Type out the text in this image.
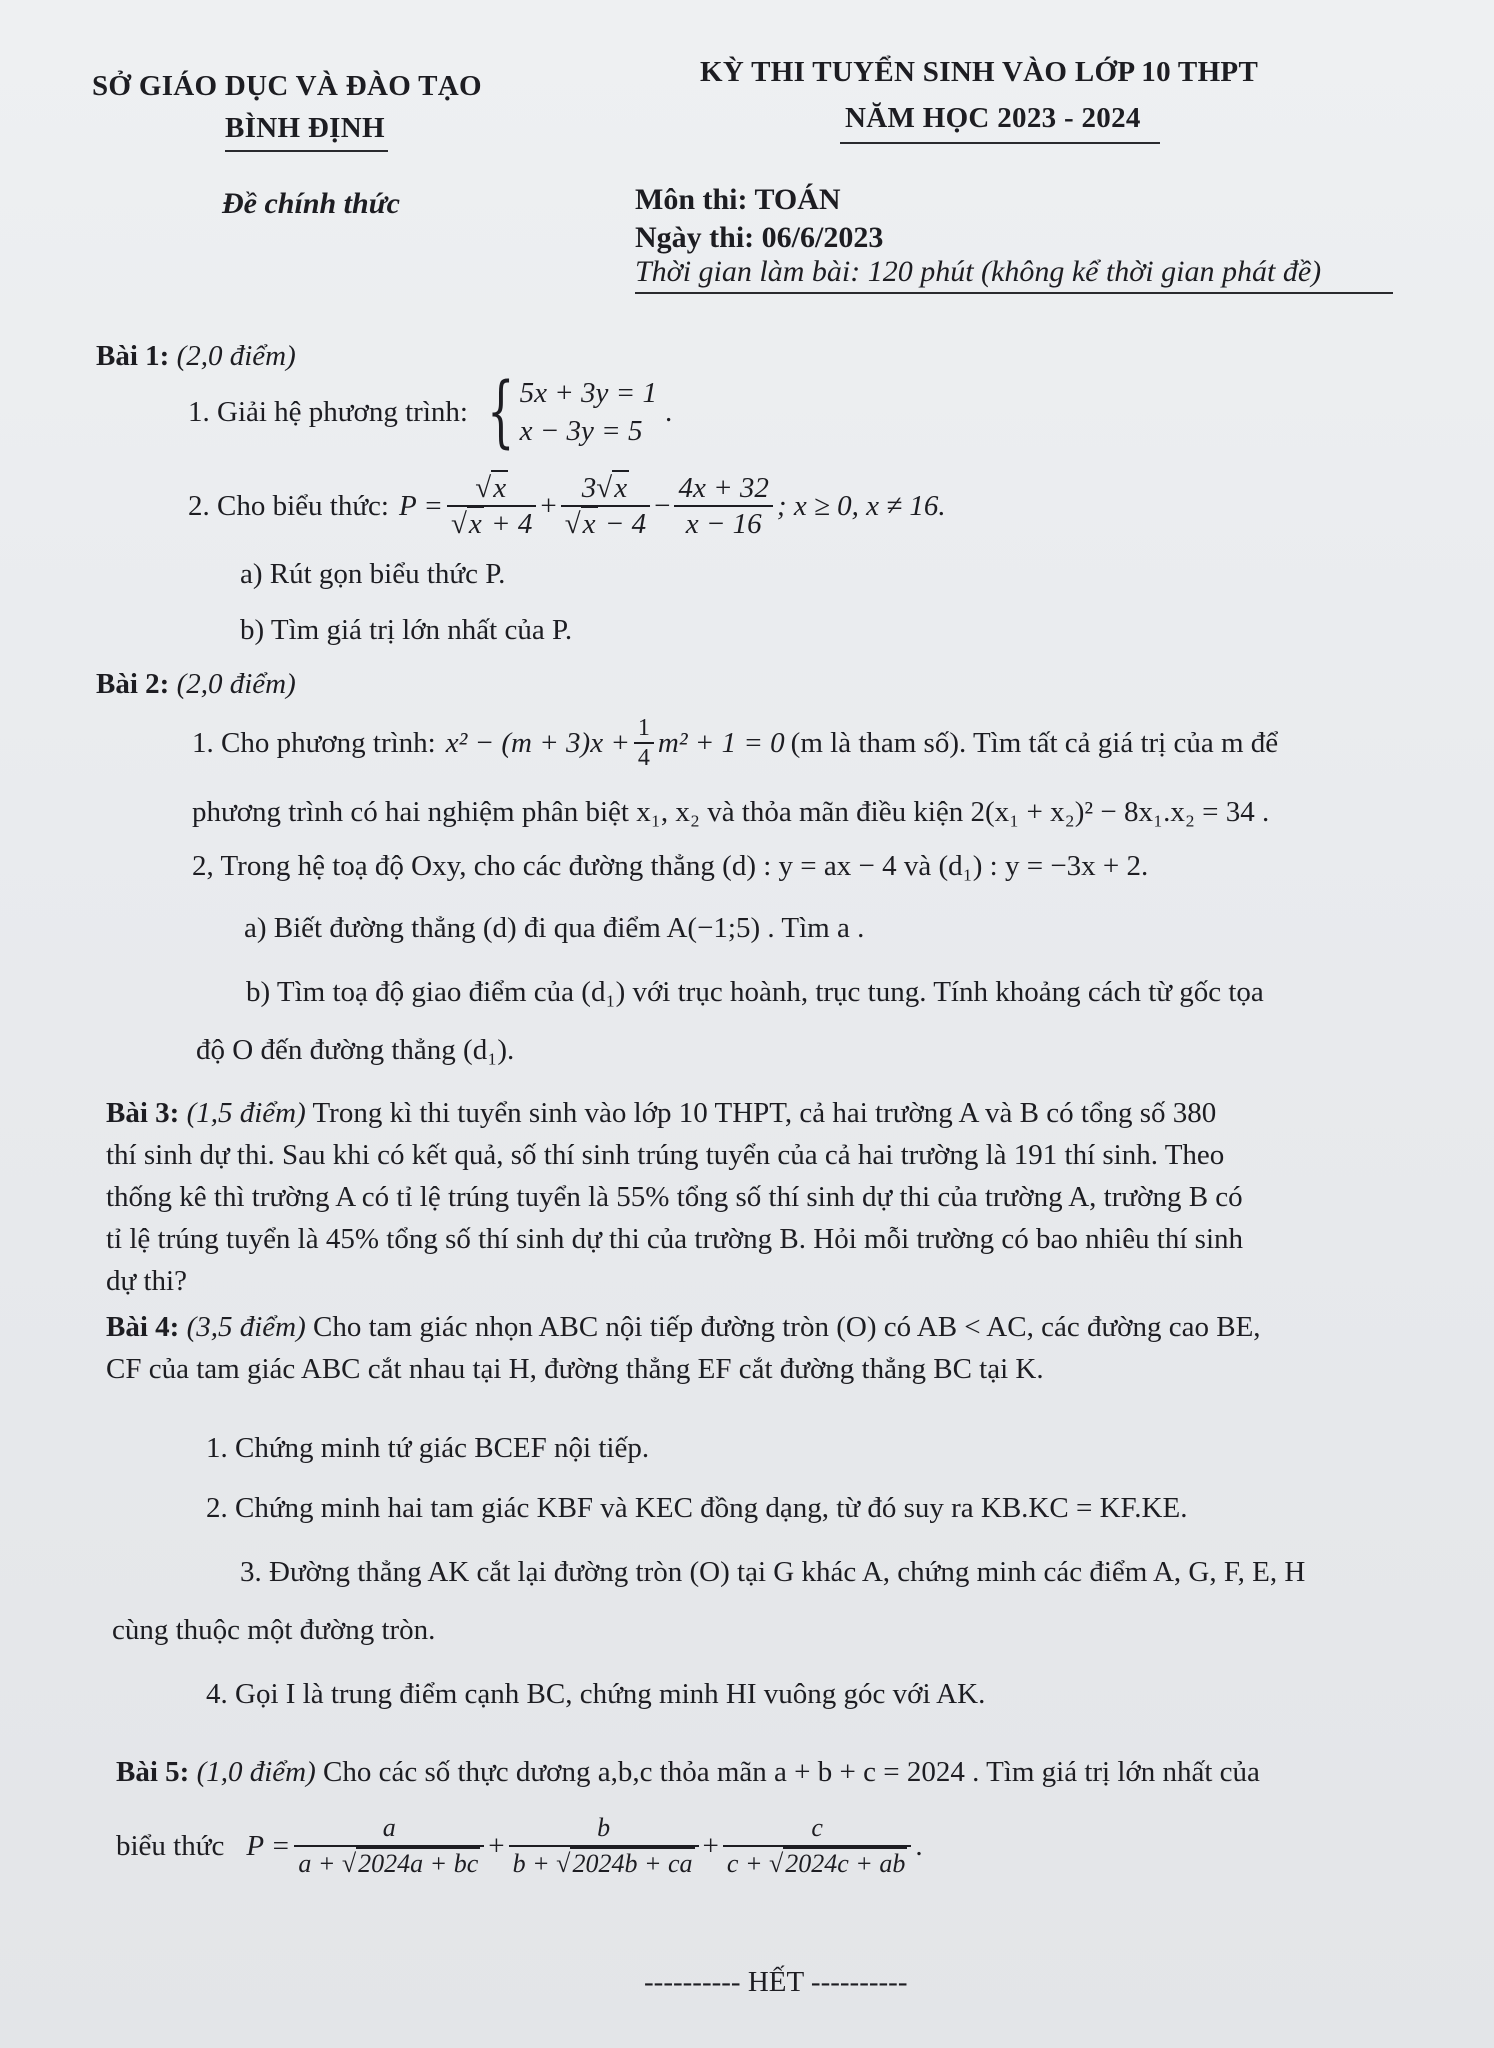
SỞ GIÁO DỤC VÀ ĐÀO TẠO
BÌNH ĐỊNH
KỲ THI TUYỂN SINH VÀO LỚP 10 THPT
NĂM HỌC 2023 - 2024
Đề chính thức	Môn thi: TOÁN
Ngày thi: 06/6/2023
Thời gian làm bài: 120 phút (không kể thời gian phát đề)
Bài 1: (2,0 điểm)
1. Giải hệ phương trình: { 5x + 3y = 1
x − 3y = 5
.
2. Cho biểu thức: $P = \frac{√x}{√x + 4} + \frac{3√x}{√x - 4} - \frac{4x + 32}{x - 16}$ ; x ≥ 0, x ≠ 16.
a) Rút gọn biểu thức P.
b) Tìm giá trị lớn nhất của P.
Bài 2: (2,0 điểm)
1. Cho phương trình: $x^2 - (m + 3)x + \frac{1}{4} m^2 + 1 = 0$ (m là tham số). Tìm tất cả giá trị của m để
phương trình có hai nghiệm phân biệt x₁, x₂ và thỏa mãn điều kiện 2(x₁ + x₂)² − 8x₁.x₂ = 34 .
2, Trong hệ toạ độ Oxy, cho các đường thẳng (d) : y = ax − 4 và (d₁) : y = −3x + 2.
a) Biết đường thẳng (d) đi qua điểm A(−1;5) . Tìm a .
b) Tìm toạ độ giao điểm của (d₁) với trục hoành, trục tung. Tính khoảng cách từ gốc tọa
độ O đến đường thẳng (d₁).
Bài 3: (1,5 điểm) Trong kì thi tuyển sinh vào lớp 10 THPT, cả hai trường A và B có tổng số 380
thí sinh dự thi. Sau khi có kết quả, số thí sinh trúng tuyển của cả hai trường là 191 thí sinh. Theo
thống kê thì trường A có tỉ lệ trúng tuyển là 55% tổng số thí sinh dự thi của trường A, trường B có
tỉ lệ trúng tuyển là 45% tổng số thí sinh dự thi của trường B. Hỏi mỗi trường có bao nhiêu thí sinh
dự thi?
Bài 4: (3,5 điểm) Cho tam giác nhọn ABC nội tiếp đường tròn (O) có AB < AC, các đường cao BE,
CF của tam giác ABC cắt nhau tại H, đường thẳng EF cắt đường thẳng BC tại K.
1. Chứng minh tứ giác BCEF nội tiếp.
2. Chứng minh hai tam giác KBF và KEC đồng dạng, từ đó suy ra KB.KC = KF.KE.
3. Đường thẳng AK cắt lại đường tròn (O) tại G khác A, chứng minh các điểm A, G, F, E, H
cùng thuộc một đường tròn.
4. Gọi I là trung điểm cạnh BC, chứng minh HI vuông góc với AK.
Bài 5: (1,0 điểm) Cho các số thực dương a,b,c thỏa mãn a + b + c = 2024 . Tìm giá trị lớn nhất của
biểu thức $P = \frac{a}{a + √2024a + bc} + \frac{b}{b + √2024b + ca} + \frac{c}{c + √2024c + ab}$ .
---------- HẾT ----------
